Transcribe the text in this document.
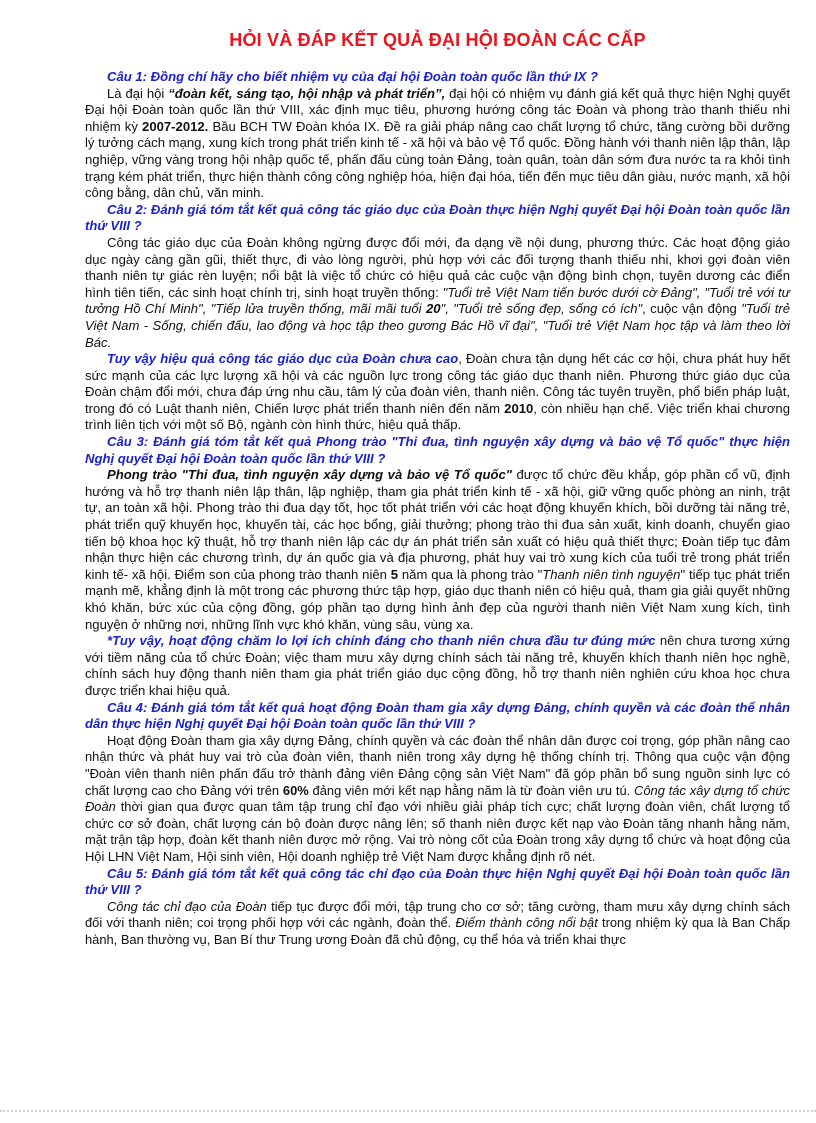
HỎI VÀ ĐÁP KẾT QUẢ ĐẠI HỘI ĐOÀN CÁC CẤP

Câu 1: Đồng chí hãy cho biết nhiệm vụ của đại hội Đoàn toàn quốc lần thứ IX ?

Là đại hội “đoàn kết, sáng tạo, hội nhập và phát triển”, đại hội có nhiệm vụ đánh giá kết quả thực hiện Nghị quyết Đại hội Đoàn toàn quốc lần thứ VIII, xác định mục tiêu, phương hướng công tác Đoàn và phong trào thanh thiếu nhi nhiệm kỳ 2007-2012. Bầu BCH TW Đoàn khóa IX. Đề ra giải pháp nâng cao chất lượng tổ chức, tăng cường bồi dưỡng lý tưởng cách mạng, xung kích trong phát triển kinh tế - xã hội và bảo vệ Tổ quốc. Đồng hành với thanh niên lập thân, lập nghiệp, vững vàng trong hội nhập quốc tế, phấn đấu cùng toàn Đảng, toàn quân, toàn dân sớm đưa nước ta ra khỏi tình trạng kém phát triển, thực hiện thành công công nghiệp hóa, hiện đại hóa, tiến đến mục tiêu dân giàu, nước mạnh, xã hội công bằng, dân chủ, văn minh.

Câu 2: Đánh giá tóm tắt kết quả công tác giáo dục của Đoàn thực hiện Nghị quyết Đại hội Đoàn toàn quốc lần thứ VIII ?

Công tác giáo dục của Đoàn không ngừng được đổi mới, đa dạng về nội dung, phương thức. Các hoạt động giáo dục ngày càng gần gũi, thiết thực, đi vào lòng người, phù hợp với các đối tượng thanh thiếu nhi, khơi gợi đoàn viên thanh niên tự giác rèn luyện; nổi bật là việc tổ chức có hiệu quả các cuộc vận động bình chọn, tuyên dương các điển hình tiên tiến, các sinh hoạt chính trị, sinh hoạt truyền thống: "Tuổi trẻ Việt Nam tiến bước dưới cờ Đảng", "Tuổi trẻ với tư tưởng Hồ Chí Minh", "Tiếp lửa truyền thống, mãi mãi tuổi 20", "Tuổi trẻ sống đẹp, sống có ích", cuộc vận động "Tuổi trẻ Việt Nam - Sống, chiến đấu, lao động và học tập theo gương Bác Hồ vĩ đại", "Tuổi trẻ Việt Nam học tập và làm theo lời Bác.

Tuy vậy hiệu quả công tác giáo dục của Đoàn chưa cao, Đoàn chưa tận dụng hết các cơ hội, chưa phát huy hết sức mạnh của các lực lượng xã hội và các nguồn lực trong công tác giáo dục thanh niên. Phương thức giáo dục của Đoàn chậm đổi mới, chưa đáp ứng nhu cầu, tâm lý của đoàn viên, thanh niên. Công tác tuyên truyền, phổ biến pháp luật, trong đó có Luật thanh niên, Chiến lược phát triển thanh niên đến năm 2010, còn nhiều hạn chế. Việc triển khai chương trình liên tịch với một số Bộ, ngành còn hình thức, hiệu quả thấp.

Câu 3: Đánh giá tóm tắt kết quả Phong trào "Thi đua, tình nguyện xây dựng và bảo vệ Tổ quốc" thực hiện Nghị quyết Đại hội Đoàn toàn quốc lần thứ VIII ?

Phong trào "Thi đua, tình nguyện xây dựng và bảo vệ Tổ quốc" được tổ chức đều khắp, góp phần cổ vũ, định hướng và hỗ trợ thanh niên lập thân, lập nghiệp, tham gia phát triển kinh tế - xã hội, giữ vững quốc phòng an ninh, trật tự, an toàn xã hội. Phong trào thi đua dạy tốt, học tốt phát triển với các hoạt động khuyến khích, bồi dưỡng tài năng trẻ, phát triển quỹ khuyến học, khuyến tài, các học bổng, giải thưởng; phong trào thi đua sản xuất, kinh doanh, chuyển giao tiến bộ khoa học kỹ thuật, hỗ trợ thanh niên lập các dự án phát triển sản xuất có hiệu quả thiết thực; Đoàn tiếp tục đảm nhận thực hiện các chương trình, dự án quốc gia và địa phương, phát huy vai trò xung kích của tuổi trẻ trong phát triển kinh tế- xã hội. Điểm son của phong trào thanh niên 5 năm qua là phong trào "Thanh niên tình nguyện" tiếp tục phát triển mạnh mẽ, khẳng định là một trong các phương thức tập hợp, giáo dục thanh niên có hiệu quả, tham gia giải quyết những khó khăn, bức xúc của cộng đồng, góp phần tạo dựng hình ảnh đẹp của người thanh niên Việt Nam xung kích, tình nguyện ở những nơi, những lĩnh vực khó khăn, vùng sâu, vùng xa.

*Tuy vậy, hoạt động chăm lo lợi ích chính đáng cho thanh niên chưa đầu tư đúng mức nên chưa tương xứng với tiềm năng của tổ chức Đoàn; việc tham mưu xây dựng chính sách tài năng trẻ, khuyến khích thanh niên học nghề, chính sách huy động thanh niên tham gia phát triển giáo dục cộng đồng, hỗ trợ thanh niên nghiên cứu khoa học chưa được triển khai hiệu quả.

Câu 4: Đánh giá tóm tắt kết quả hoạt động Đoàn tham gia xây dựng Đảng, chính quyền và các đoàn thể nhân dân thực hiện Nghị quyết Đại hội Đoàn toàn quốc lần thứ VIII ?

Hoạt động Đoàn tham gia xây dựng Đảng, chính quyền và các đoàn thể nhân dân được coi trọng, góp phần nâng cao nhận thức và phát huy vai trò của đoàn viên, thanh niên trong xây dựng hệ thống chính trị. Thông qua cuộc vận động "Đoàn viên thanh niên phấn đấu trở thành đảng viên Đảng cộng sản Việt Nam" đã góp phần bổ sung nguồn sinh lực có chất lượng cao cho Đảng với trên 60% đảng viên mới kết nạp hằng năm là từ đoàn viên ưu tú. Công tác xây dựng tổ chức Đoàn thời gian qua được quan tâm tập trung chỉ đạo với nhiều giải pháp tích cực; chất lượng đoàn viên, chất lượng tổ chức cơ sở đoàn, chất lượng cán bộ đoàn được nâng lên; số thanh niên được kết nạp vào Đoàn tăng nhanh hằng năm, mặt trận tập hợp, đoàn kết thanh niên được mở rộng. Vai trò nòng cốt của Đoàn trong xây dựng tổ chức và hoạt động của Hội LHN Việt Nam, Hội sinh viên, Hội doanh nghiệp trẻ Việt Nam được khẳng định rõ nét.

Câu 5: Đánh giá tóm tắt kết quả công tác chỉ đạo của Đoàn thực hiện Nghị quyết Đại hội Đoàn toàn quốc lần thứ VIII ?

Công tác chỉ đạo của Đoàn tiếp tục được đổi mới, tập trung cho cơ sở; tăng cường, tham mưu xây dựng chính sách đối với thanh niên; coi trọng phối hợp với các ngành, đoàn thể. Điểm thành công nổi bật trong nhiệm kỳ qua là Ban Chấp hành, Ban thường vụ, Ban Bí thư Trung ương Đoàn đã chủ động, cụ thể hóa và triển khai thực
